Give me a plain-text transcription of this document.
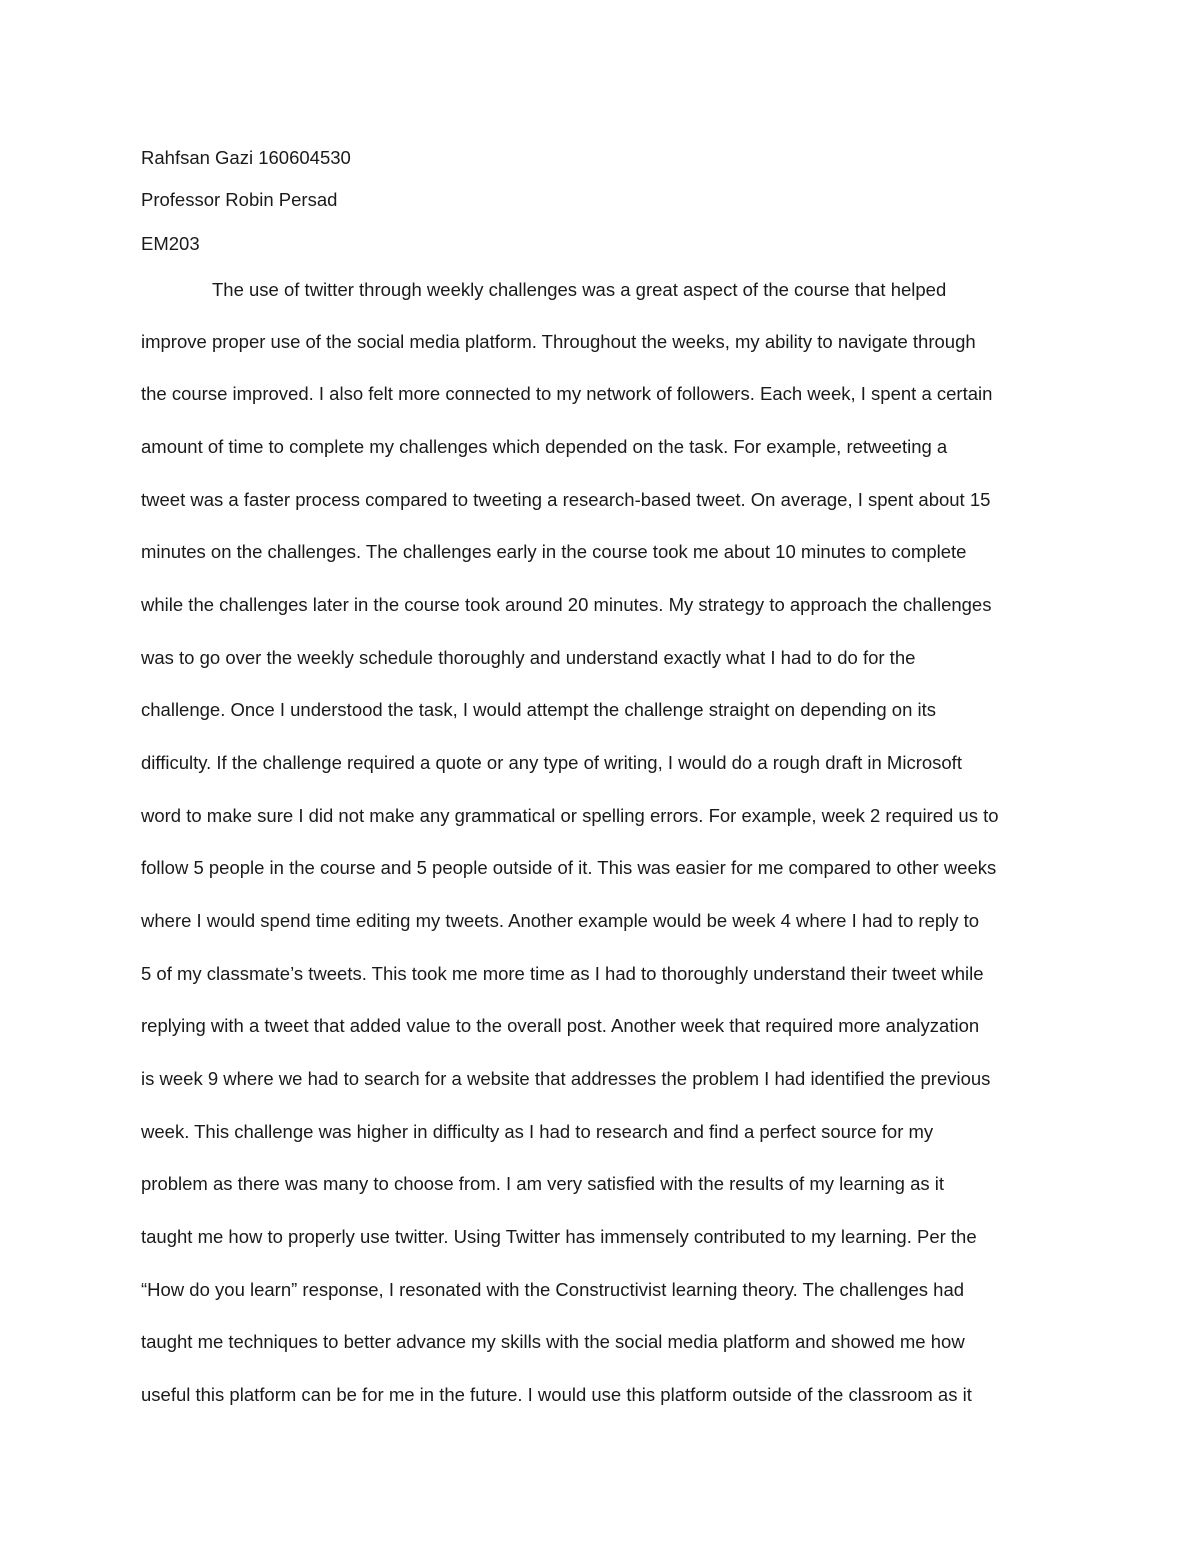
Rahfsan Gazi 160604530
Professor Robin Persad
EM203
The use of twitter through weekly challenges was a great aspect of the course that helped
improve proper use of the social media platform. Throughout the weeks, my ability to navigate through
the course improved. I also felt more connected to my network of followers. Each week, I spent a certain
amount of time to complete my challenges which depended on the task. For example, retweeting a
tweet was a faster process compared to tweeting a research-based tweet. On average, I spent about 15
minutes on the challenges. The challenges early in the course took me about 10 minutes to complete
while the challenges later in the course took around 20 minutes. My strategy to approach the challenges
was to go over the weekly schedule thoroughly and understand exactly what I had to do for the
challenge. Once I understood the task, I would attempt the challenge straight on depending on its
difficulty. If the challenge required a quote or any type of writing, I would do a rough draft in Microsoft
word to make sure I did not make any grammatical or spelling errors. For example, week 2 required us to
follow 5 people in the course and 5 people outside of it. This was easier for me compared to other weeks
where I would spend time editing my tweets. Another example would be week 4 where I had to reply to
5 of my classmate’s tweets. This took me more time as I had to thoroughly understand their tweet while
replying with a tweet that added value to the overall post. Another week that required more analyzation
is week 9 where we had to search for a website that addresses the problem I had identified the previous
week. This challenge was higher in difficulty as I had to research and find a perfect source for my
problem as there was many to choose from. I am very satisfied with the results of my learning as it
taught me how to properly use twitter. Using Twitter has immensely contributed to my learning. Per the
“How do you learn” response, I resonated with the Constructivist learning theory. The challenges had
taught me techniques to better advance my skills with the social media platform and showed me how
useful this platform can be for me in the future. I would use this platform outside of the classroom as it
